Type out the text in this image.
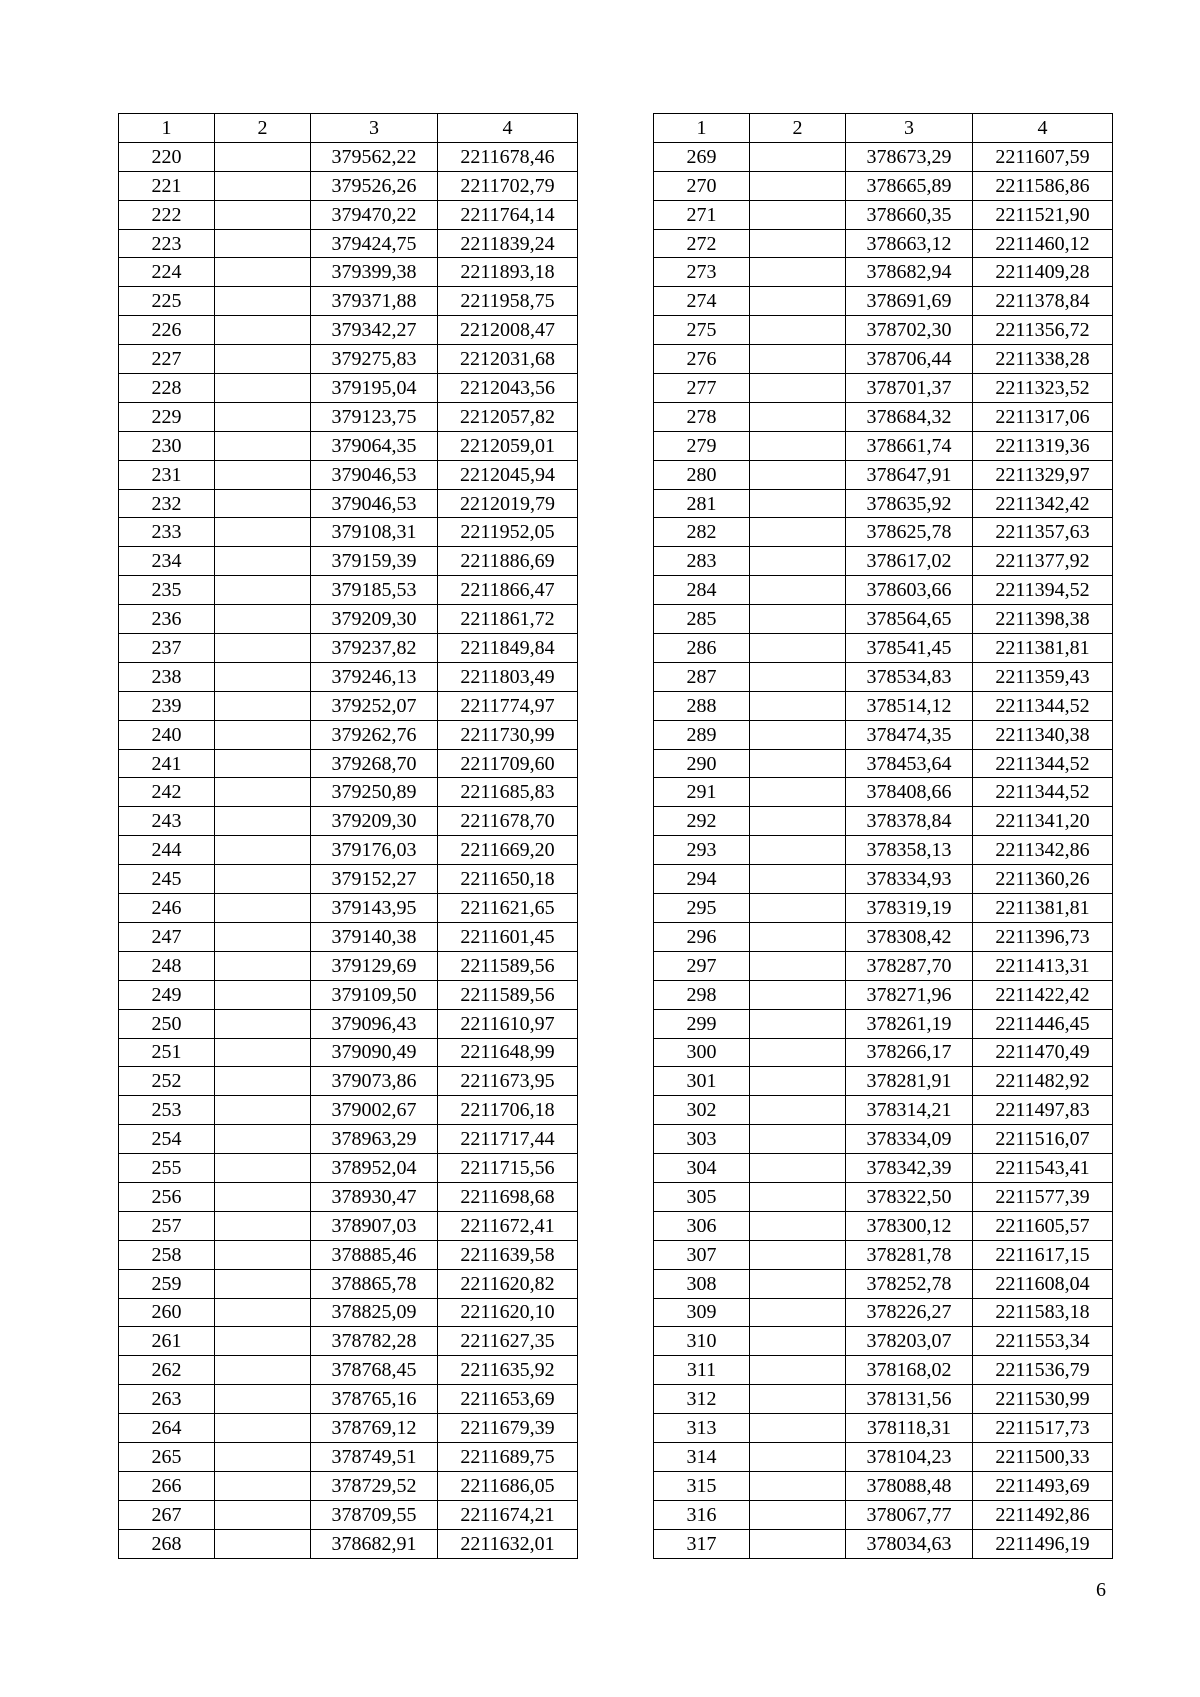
1	2	3	4
220		379562,22	2211678,46
221		379526,26	2211702,79
222		379470,22	2211764,14
223		379424,75	2211839,24
224		379399,38	2211893,18
225		379371,88	2211958,75
226		379342,27	2212008,47
227		379275,83	2212031,68
228		379195,04	2212043,56
229		379123,75	2212057,82
230		379064,35	2212059,01
231		379046,53	2212045,94
232		379046,53	2212019,79
233		379108,31	2211952,05
234		379159,39	2211886,69
235		379185,53	2211866,47
236		379209,30	2211861,72
237		379237,82	2211849,84
238		379246,13	2211803,49
239		379252,07	2211774,97
240		379262,76	2211730,99
241		379268,70	2211709,60
242		379250,89	2211685,83
243		379209,30	2211678,70
244		379176,03	2211669,20
245		379152,27	2211650,18
246		379143,95	2211621,65
247		379140,38	2211601,45
248		379129,69	2211589,56
249		379109,50	2211589,56
250		379096,43	2211610,97
251		379090,49	2211648,99
252		379073,86	2211673,95
253		379002,67	2211706,18
254		378963,29	2211717,44
255		378952,04	2211715,56
256		378930,47	2211698,68
257		378907,03	2211672,41
258		378885,46	2211639,58
259		378865,78	2211620,82
260		378825,09	2211620,10
261		378782,28	2211627,35
262		378768,45	2211635,92
263		378765,16	2211653,69
264		378769,12	2211679,39
265		378749,51	2211689,75
266		378729,52	2211686,05
267		378709,55	2211674,21
268		378682,91	2211632,01
1	2	3	4
269		378673,29	2211607,59
270		378665,89	2211586,86
271		378660,35	2211521,90
272		378663,12	2211460,12
273		378682,94	2211409,28
274		378691,69	2211378,84
275		378702,30	2211356,72
276		378706,44	2211338,28
277		378701,37	2211323,52
278		378684,32	2211317,06
279		378661,74	2211319,36
280		378647,91	2211329,97
281		378635,92	2211342,42
282		378625,78	2211357,63
283		378617,02	2211377,92
284		378603,66	2211394,52
285		378564,65	2211398,38
286		378541,45	2211381,81
287		378534,83	2211359,43
288		378514,12	2211344,52
289		378474,35	2211340,38
290		378453,64	2211344,52
291		378408,66	2211344,52
292		378378,84	2211341,20
293		378358,13	2211342,86
294		378334,93	2211360,26
295		378319,19	2211381,81
296		378308,42	2211396,73
297		378287,70	2211413,31
298		378271,96	2211422,42
299		378261,19	2211446,45
300		378266,17	2211470,49
301		378281,91	2211482,92
302		378314,21	2211497,83
303		378334,09	2211516,07
304		378342,39	2211543,41
305		378322,50	2211577,39
306		378300,12	2211605,57
307		378281,78	2211617,15
308		378252,78	2211608,04
309		378226,27	2211583,18
310		378203,07	2211553,34
311		378168,02	2211536,79
312		378131,56	2211530,99
313		378118,31	2211517,73
314		378104,23	2211500,33
315		378088,48	2211493,69
316		378067,77	2211492,86
317		378034,63	2211496,19
6
